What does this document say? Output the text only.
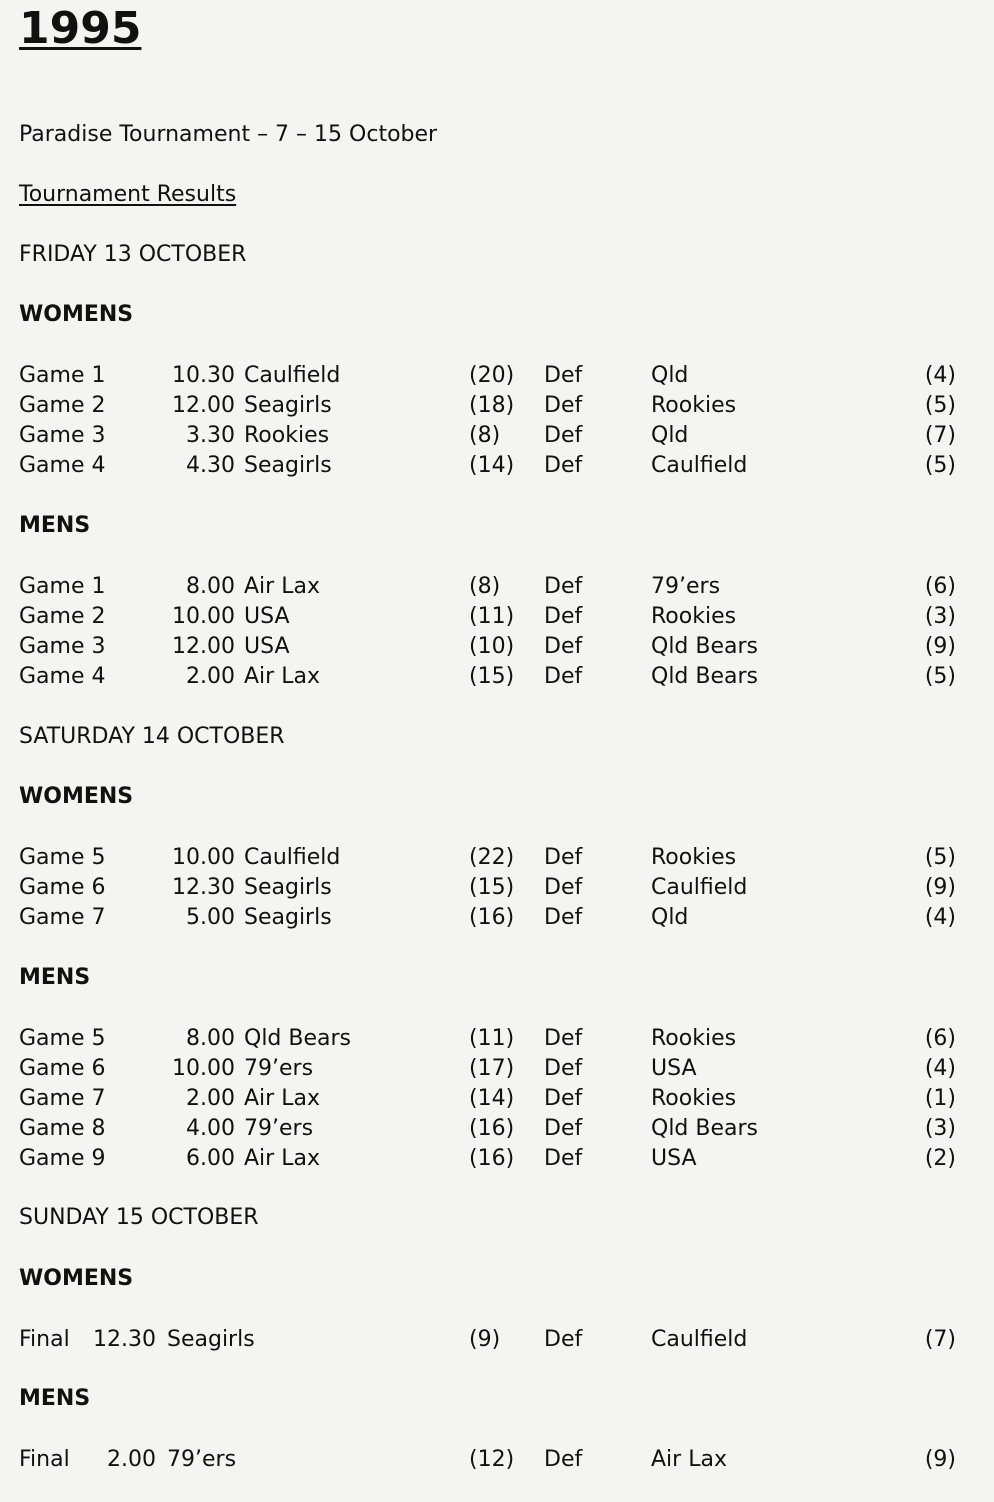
1995
Paradise Tournament – 7 – 15 October
Tournament Results
FRIDAY 13 OCTOBER
WOMENS
Game 1	10.30 Caulfield	(20) Def	Qld	(4)
Game 2	12.00 Seagirls	(18) Def	Rookies	(5)
Game 3	3.30 Rookies	(8) Def	Qld	(7)
Game 4	4.30 Seagirls	(14) Def	Caulfield	(5)
MENS
Game 1	8.00 Air Lax	(8) Def	79’ers	(6)
Game 2	10.00 USA	(11) Def	Rookies	(3)
Game 3	12.00 USA	(10) Def	Qld Bears	(9)
Game 4	2.00 Air Lax	(15) Def	Qld Bears	(5)
SATURDAY 14 OCTOBER
WOMENS
Game 5	10.00 Caulfield	(22) Def	Rookies	(5)
Game 6	12.30 Seagirls	(15) Def	Caulfield	(9)
Game 7	5.00 Seagirls	(16) Def	Qld	(4)
MENS
Game 5	8.00 Qld Bears	(11) Def	Rookies	(6)
Game 6	10.00 79’ers	(17) Def	USA	(4)
Game 7	2.00 Air Lax	(14) Def	Rookies	(1)
Game 8	4.00 79’ers	(16) Def	Qld Bears	(3)
Game 9	6.00 Air Lax	(16) Def	USA	(2)
SUNDAY 15 OCTOBER
WOMENS
Final	12.30 Seagirls	(9) Def	Caulfield	(7)
MENS
Final	2.00 79’ers	(12) Def	Air Lax	(9)
